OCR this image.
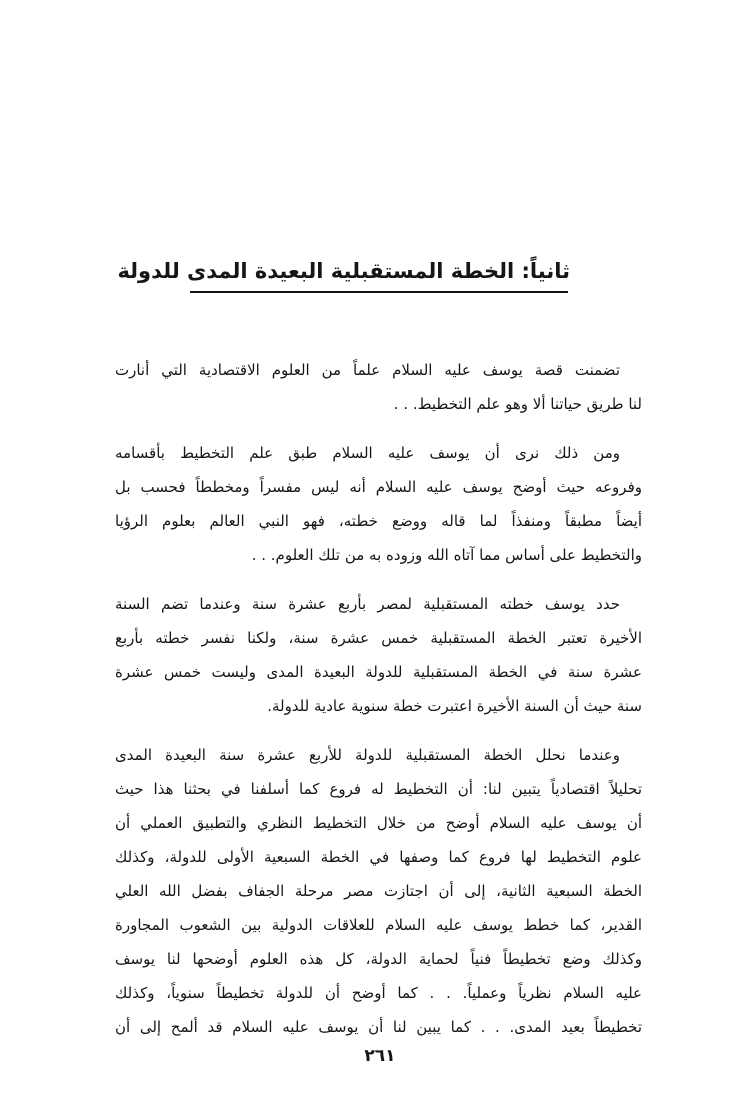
ثانياً: الخطة المستقبلية البعيدة المدى للدولة
تضمنت قصة يوسف عليه السلام علماً من العلوم الاقتصادية التي أنارت
لنا طريق حياتنا ألا وهو علم التخطيط. . .
ومن ذلك نرى أن يوسف عليه السلام طبق علم التخطيط بأقسامه
وفروعه حيث أوضح يوسف عليه السلام أنه ليس مفسراً ومخططاً فحسب بل
أيضاً مطبقاً ومنفذاً لما قاله ووضع خطته، فهو النبي العالم بعلوم الرؤيا
والتخطيط على أساس مما آتاه الله وزوده به من تلك العلوم. . .
حدد يوسف خطته المستقبلية لمصر بأربع عشرة سنة وعندما تضم السنة
الأخيرة تعتبر الخطة المستقبلية خمس عشرة سنة، ولكنا نفسر خطته بأربع
عشرة سنة في الخطة المستقبلية للدولة البعيدة المدى وليست خمس عشرة
سنة حيث أن السنة الأخيرة اعتبرت خطة سنوية عادية للدولة.
وعندما نحلل الخطة المستقبلية للدولة للأربع عشرة سنة البعيدة المدى
تحليلاً اقتصادياً يتبين لنا: أن التخطيط له فروع كما أسلفنا في بحثنا هذا حيث
أن يوسف عليه السلام أوضح من خلال التخطيط النظري والتطبيق العملي أن
علوم التخطيط لها فروع كما وصفها في الخطة السبعية الأولى للدولة، وكذلك
الخطة السبعية الثانية، إلى أن اجتازت مصر مرحلة الجفاف بفضل الله العلي
القدير، كما خطط يوسف عليه السلام للعلاقات الدولية بين الشعوب المجاورة
وكذلك وضع تخطيطاً فنياً لحماية الدولة، كل هذه العلوم أوضحها لنا يوسف
عليه السلام نظرياً وعملياً. . . كما أوضح أن للدولة تخطيطاً سنوياً، وكذلك
تخطيطاً بعيد المدى. . . كما يبين لنا أن يوسف عليه السلام قد ألمح إلى أن
٢٦١
